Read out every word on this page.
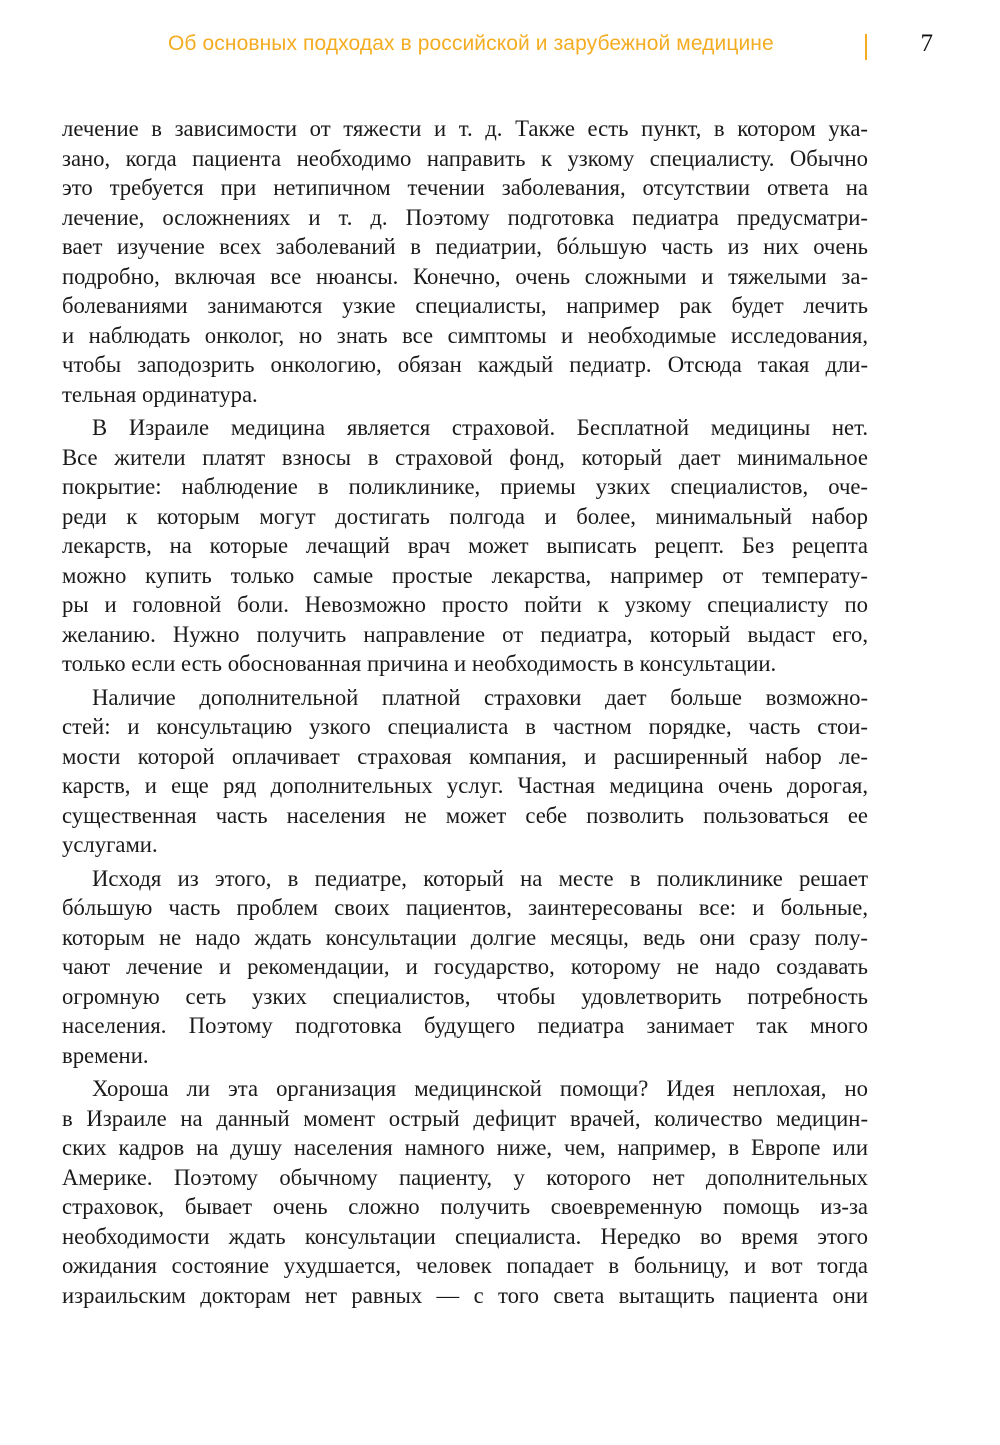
Об основных подходах в российской и зарубежной медицине	7
лечение в зависимости от тяжести и т. д. Также есть пункт, в котором ука-
зано, когда пациента необходимо направить к узкому специалисту. Обычно
это требуется при нетипичном течении заболевания, отсутствии ответа на
лечение, осложнениях и т. д. Поэтому подготовка педиатра предусматри-
вает изучение всех заболеваний в педиатрии, бóльшую часть из них очень
подробно, включая все нюансы. Конечно, очень сложными и тяжелыми за-
болеваниями занимаются узкие специалисты, например рак будет лечить
и наблюдать онколог, но знать все симптомы и необходимые исследования,
чтобы заподозрить онкологию, обязан каждый педиатр. Отсюда такая дли-
тельная ординатура.
В Израиле медицина является страховой. Бесплатной медицины нет.
Все жители платят взносы в страховой фонд, который дает минимальное
покрытие: наблюдение в поликлинике, приемы узких специалистов, оче-
реди к которым могут достигать полгода и более, минимальный набор
лекарств, на которые лечащий врач может выписать рецепт. Без рецепта
можно купить только самые простые лекарства, например от температу-
ры и головной боли. Невозможно просто пойти к узкому специалисту по
желанию. Нужно получить направление от педиатра, который выдаст его,
только если есть обоснованная причина и необходимость в консультации.
Наличие дополнительной платной страховки дает больше возможно-
стей: и консультацию узкого специалиста в частном порядке, часть стои-
мости которой оплачивает страховая компания, и расширенный набор ле-
карств, и еще ряд дополнительных услуг. Частная медицина очень дорогая,
существенная часть населения не может себе позволить пользоваться ее
услугами.
Исходя из этого, в педиатре, который на месте в поликлинике решает
бóльшую часть проблем своих пациентов, заинтересованы все: и больные,
которым не надо ждать консультации долгие месяцы, ведь они сразу полу-
чают лечение и рекомендации, и государство, которому не надо создавать
огромную сеть узких специалистов, чтобы удовлетворить потребность
населения. Поэтому подготовка будущего педиатра занимает так много
времени.
Хороша ли эта организация медицинской помощи? Идея неплохая, но
в Израиле на данный момент острый дефицит врачей, количество медицин-
ских кадров на душу населения намного ниже, чем, например, в Европе или
Америке. Поэтому обычному пациенту, у которого нет дополнительных
страховок, бывает очень сложно получить своевременную помощь из-за
необходимости ждать консультации специалиста. Нередко во время этого
ожидания состояние ухудшается, человек попадает в больницу, и вот тогда
израильским докторам нет равных — с того света вытащить пациента они
